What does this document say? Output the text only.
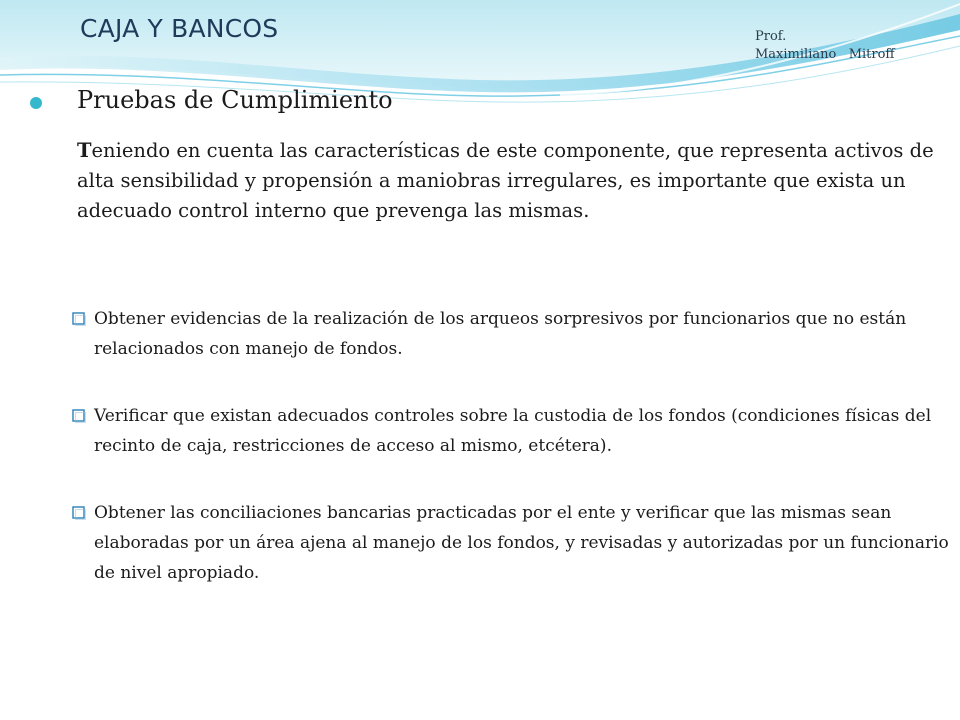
CAJA Y BANCOS	Prof.
Maximiliano   Mitroff
Pruebas de Cumplimiento
Teniendo en cuenta las características de este componente, que representa activos de alta sensibilidad y propensión a maniobras irregulares, es importante que exista un adecuado control interno que prevenga las mismas.
Obtener evidencias de la realización de los arqueos sorpresivos por funcionarios que no están relacionados con manejo de fondos.
Verificar que existan adecuados controles sobre la custodia de los fondos (condiciones físicas del recinto de caja, restricciones de acceso al mismo, etcétera).
Obtener las conciliaciones bancarias practicadas por el ente y verificar que las mismas sean elaboradas por un área ajena al manejo de los fondos, y revisadas y autorizadas por un funcionario de nivel apropiado.
